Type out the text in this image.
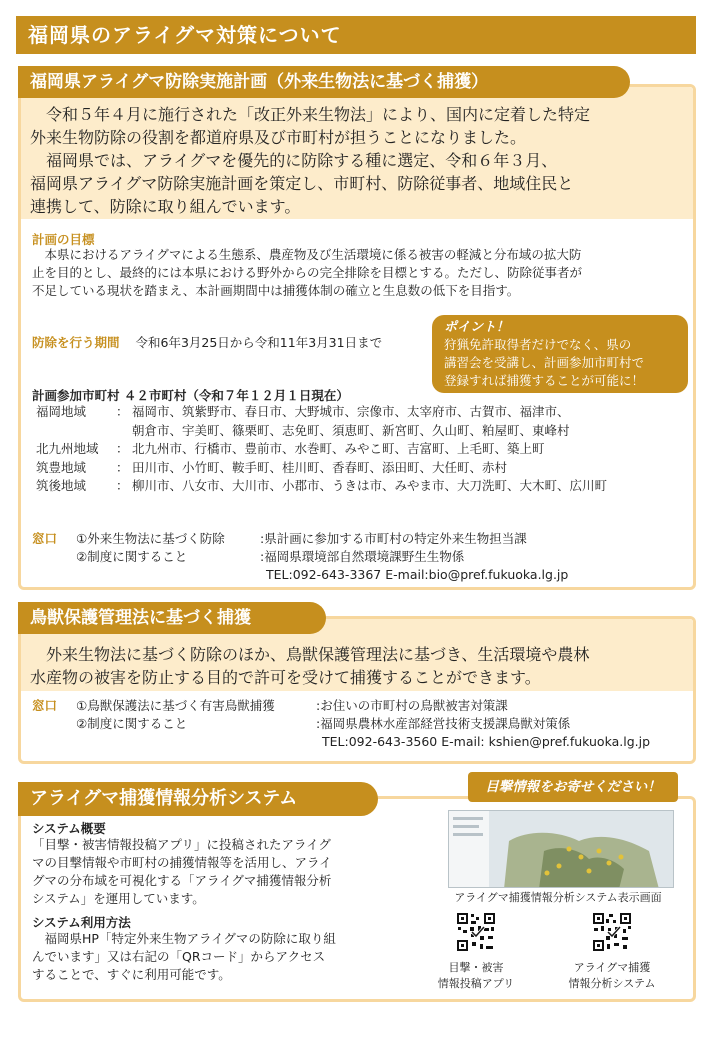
福岡県のアライグマ対策について
福岡県アライグマ防除実施計画（外来生物法に基づく捕獲）

　令和５年４月に施行された「改正外来生物法」により、国内に定着した特定

外来生物防除の役割を都道府県及び市町村が担うことになりました。

　福岡県では、アライグマを優先的に防除する種に選定、令和６年３月、

福岡県アライグマ防除実施計画を策定し、市町村、防除従事者、地域住民と

連携して、防除に取り組んでいます。

計画の目標

　本県におけるアライグマによる生態系、農産物及び生活環境に係る被害の軽減と分布域の拡大防

止を目的とし、最終的には本県における野外からの完全排除を目標とする。ただし、防除従事者が

不足している現状を踏まえ、本計画期間中は捕獲体制の確立と生息数の低下を目指す。

防除を行う期間 令和6年3月25日から令和11年3月31日まで
ポイント！

狩猟免許取得者だけでなく、県の

講習会を受講し、計画参加市町村で

登録すれば捕獲することが可能に！

計画参加市町村 ４２市町村（令和７年１２月１日現在）
福岡地域	： 福岡市、筑紫野市、春日市、大野城市、宗像市、太宰府市、古賀市、福津市、
朝倉市、宇美町、篠栗町、志免町、須恵町、新宮町、久山町、粕屋町、東峰村
北九州地域	： 北九州市、行橋市、豊前市、水巻町、みやこ町、吉富町、上毛町、築上町
筑豊地域	： 田川市、小竹町、鞍手町、桂川町、香春町、添田町、大任町、赤村
筑後地域	： 柳川市、八女市、大川市、小郡市、うきは市、みやま市、大刀洗町、大木町、広川町
窓口	①外来生物法に基づく防除	:県計画に参加する市町村の特定外来生物担当課
②制度に関すること	:福岡県環境部自然環境課野生生物係
TEL:092-643-3367 E-mail:bio@pref.fukuoka.lg.jp
鳥獣保護管理法に基づく捕獲

　外来生物法に基づく防除のほか、鳥獣保護管理法に基づき、生活環境や農林

水産物の被害を防止する目的で許可を受けて捕獲することができます。

窓口	①鳥獣保護法に基づく有害鳥獣捕獲	:お住いの市町村の鳥獣被害対策課
②制度に関すること	:福岡県農林水産部経営技術支援課鳥獣対策係
TEL:092-643-3560 E-mail: kshien@pref.fukuoka.lg.jp
アライグマ捕獲情報分析システム
目撃情報をお寄せください！
システム概要

「目撃・被害情報投稿アプリ」に投稿されたアライグ

マの目撃情報や市町村の捕獲情報等を活用し、アライ

グマの分布域を可視化する「アライグマ捕獲情報分析

システム」を運用しています。

システム利用方法

　福岡県HP「特定外来生物アライグマの防除に取り組

んでいます」又は右記の「QRコード」からアクセス

することで、すぐに利用可能です。

アライグマ捕獲情報分析システム表示画面
目撃・被害
情報投稿アプリ
アライグマ捕獲
情報分析システム
